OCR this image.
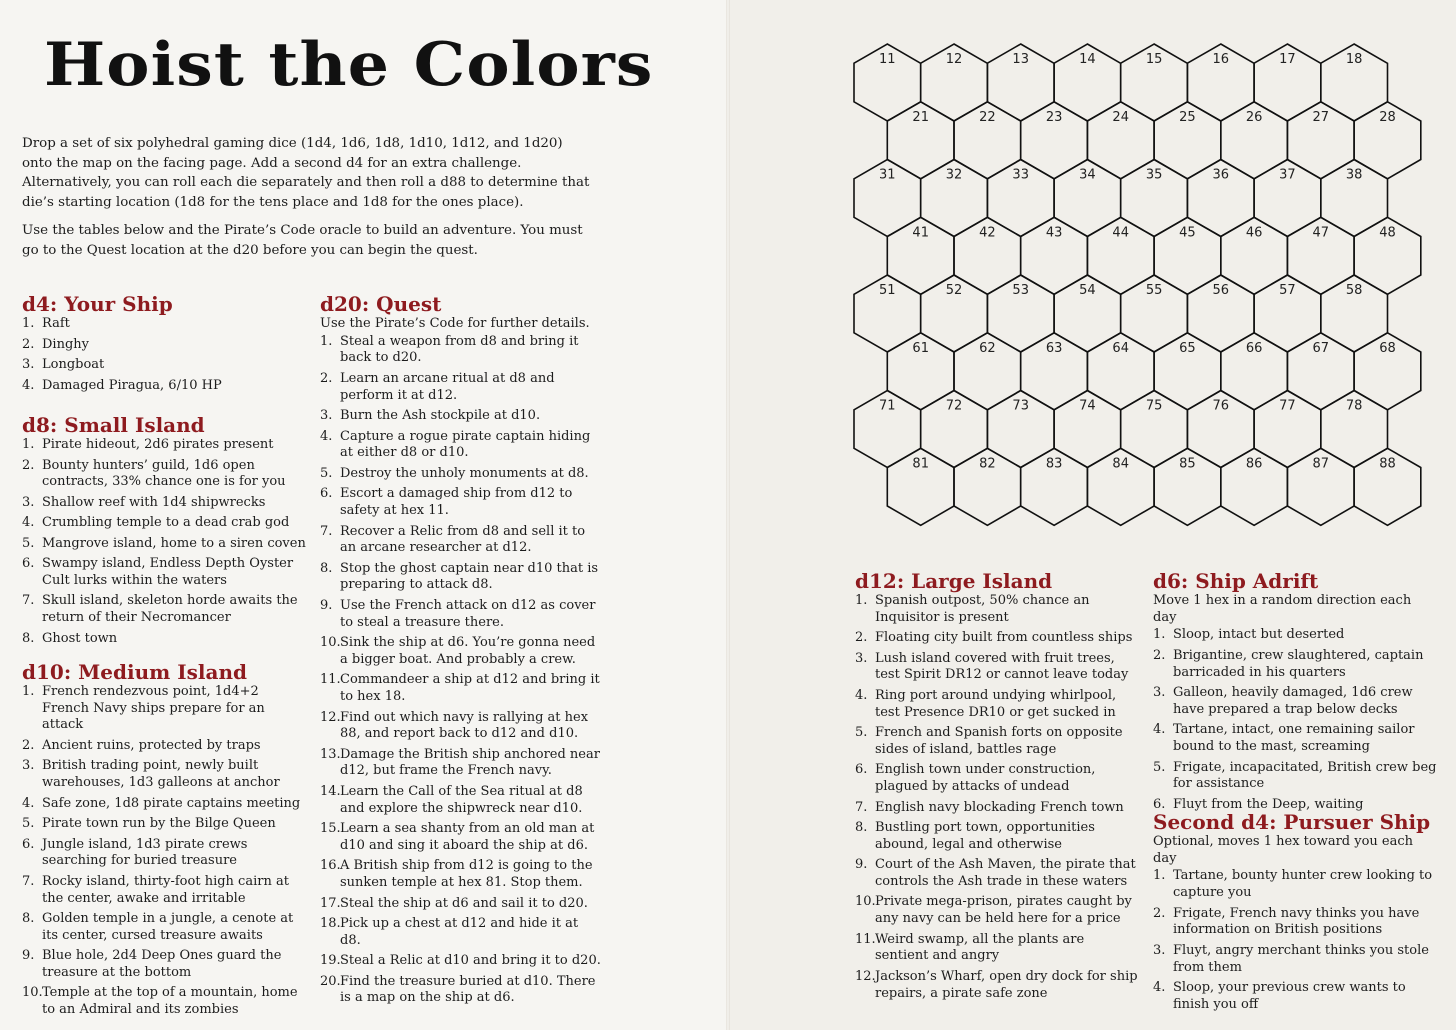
Hoist the Colors

Drop a set of six polyhedral gaming dice (1d4, 1d6, 1d8, 1d10, 1d12, and 1d20) onto the map on the facing page. Add a second d4 for an extra challenge. Alternatively, you can roll each die separately and then roll a d88 to determine that die’s starting location (1d8 for the tens place and 1d8 for the ones place).

Use the tables below and the Pirate’s Code oracle to build an adventure. You must go to the Quest location at the d20 before you can begin the quest.

d4: Your Ship
1. Raft
2. Dinghy
3. Longboat
4. Damaged Piragua, 6/10 HP
d8: Small Island
1. Pirate hideout, 2d6 pirates present
2. Bounty hunters’ guild, 1d6 open contracts, 33% chance one is for you
3. Shallow reef with 1d4 shipwrecks
4. Crumbling temple to a dead crab god
5. Mangrove island, home to a siren coven
6. Swampy island, Endless Depth Oyster Cult lurks within the waters
7. Skull island, skeleton horde awaits the return of their Necromancer
8. Ghost town
d10: Medium Island
1. French rendezvous point, 1d4+2 French Navy ships prepare for an attack
2. Ancient ruins, protected by traps
3. British trading point, newly built warehouses, 1d3 galleons at anchor
4. Safe zone, 1d8 pirate captains meeting
5. Pirate town run by the Bilge Queen
6. Jungle island, 1d3 pirate crews searching for buried treasure
7. Rocky island, thirty-foot high cairn at the center, awake and irritable
8. Golden temple in a jungle, a cenote at its center, cursed treasure awaits
9. Blue hole, 2d4 Deep Ones guard the treasure at the bottom
10. Temple at the top of a mountain, home to an Admiral and its zombies
d20: Quest
Use the Pirate’s Code for further details.
1. Steal a weapon from d8 and bring it back to d20.
2. Learn an arcane ritual at d8 and perform it at d12.
3. Burn the Ash stockpile at d10.
4. Capture a rogue pirate captain hiding at either d8 or d10.
5. Destroy the unholy monuments at d8.
6. Escort a damaged ship from d12 to safety at hex 11.
7. Recover a Relic from d8 and sell it to an arcane researcher at d12.
8. Stop the ghost captain near d10 that is preparing to attack d8.
9. Use the French attack on d12 as cover to steal a treasure there.
10. Sink the ship at d6. You’re gonna need a bigger boat. And probably a crew.
11. Commandeer a ship at d12 and bring it to hex 18.
12. Find out which navy is rallying at hex 88, and report back to d12 and d10.
13. Damage the British ship anchored near d12, but frame the French navy.
14. Learn the Call of the Sea ritual at d8 and explore the shipwreck near d10.
15. Learn a sea shanty from an old man at d10 and sing it aboard the ship at d6.
16. A British ship from d12 is going to the sunken temple at hex 81. Stop them.
17. Steal the ship at d6 and sail it to d20.
18. Pick up a chest at d12 and hide it at d8.
19. Steal a Relic at d10 and bring it to d20.
20. Find the treasure buried at d10. There is a map on the ship at d6.
11	12	13	14	15	16	17	18
21	22	23	24	25	26	27	28
31	32	33	34	35	36	37	38
41	42	43	44	45	46	47	48
51	52	53	54	55	56	57	58
61	62	63	64	65	66	67	68
71	72	73	74	75	76	77	78
81	82	83	84	85	86	87	88
d12: Large Island
1. Spanish outpost, 50% chance an Inquisitor is present
2. Floating city built from countless ships
3. Lush island covered with fruit trees, test Spirit DR12 or cannot leave today
4. Ring port around undying whirlpool, test Presence DR10 or get sucked in
5. French and Spanish forts on opposite sides of island, battles rage
6. English town under construction, plagued by attacks of undead
7. English navy blockading French town
8. Bustling port town, opportunities abound, legal and otherwise
9. Court of the Ash Maven, the pirate that controls the Ash trade in these waters
10. Private mega-prison, pirates caught by any navy can be held here for a price
11. Weird swamp, all the plants are sentient and angry
12. Jackson’s Wharf, open dry dock for ship repairs, a pirate safe zone
d6: Ship Adrift
Move 1 hex in a random direction each day
1. Sloop, intact but deserted
2. Brigantine, crew slaughtered, captain barricaded in his quarters
3. Galleon, heavily damaged, 1d6 crew have prepared a trap below decks
4. Tartane, intact, one remaining sailor bound to the mast, screaming
5. Frigate, incapacitated, British crew beg for assistance
6. Fluyt from the Deep, waiting
Second d4: Pursuer Ship
Optional, moves 1 hex toward you each day
1. Tartane, bounty hunter crew looking to capture you
2. Frigate, French navy thinks you have information on British positions
3. Fluyt, angry merchant thinks you stole from them
4. Sloop, your previous crew wants to finish you off
